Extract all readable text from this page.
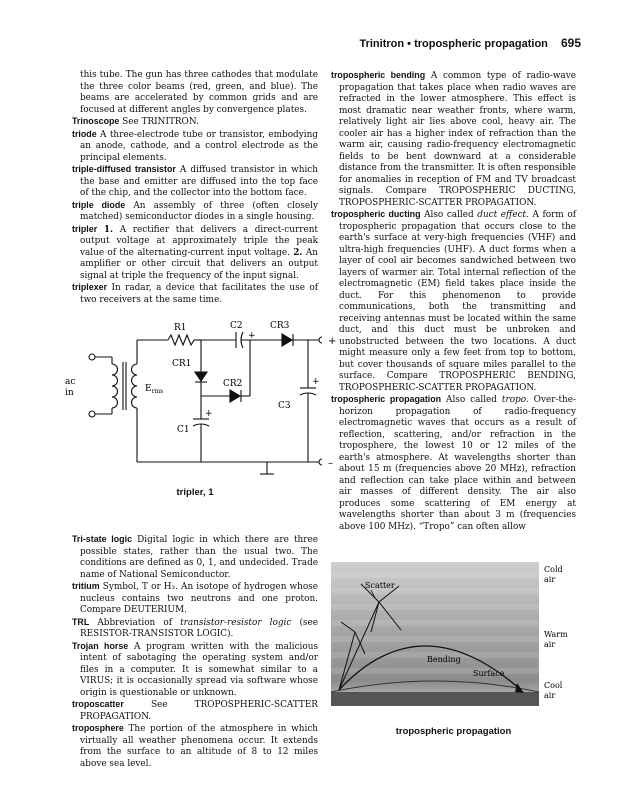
Trinitron • tropospheric propagation 695

this tube. The gun has three cathodes that modulate the three color beams (red, green, and blue). The beams are accelerated by common grids and are focused at different angles by convergence plates.

Trinoscope See TRINITRON.

triode A three-electrode tube or transistor, embodying an anode, cathode, and a control electrode as the principal elements.

triple-diffused transistor A diffused transistor in which the base and emitter are diffused into the top face of the chip, and the collector into the bottom face.

triple diode An assembly of three (often closely matched) semiconductor diodes in a single housing.

tripler 1. A rectifier that delivers a direct-current output voltage at approximately triple the peak value of the alternating-current input voltage. 2. An amplifier or other circuit that delivers an output signal at triple the frequency of the input signal.

triplexer In radar, a device that facilitates the use of two receivers at the same time.

ac
in	$E_{rms}$
R1	C2
+
CR3
CR1
CR2
C3
+
C1
+
+
–
tripler, 1

Tri-state logic Digital logic in which there are three possible states, rather than the usual two. The conditions are defined as 0, 1, and undecided. Trade name of National Semiconductor.

tritium Symbol, T or H₃. An isotope of hydrogen whose nucleus contains two neutrons and one proton. Compare DEUTERIUM.

TRL Abbreviation of transistor-resistor logic (see RESISTOR-TRANSISTOR LOGIC).

Trojan horse A program written with the malicious intent of sabotaging the operating system and/or files in a computer. It is somewhat similar to a VIRUS; it is occasionally spread via software whose origin is questionable or unknown.

troposcatter	See TROPOSPHERIC-SCATTER PROPAGATION.

troposphere The portion of the atmosphere in which virtually all weather phenomena occur. It extends from the surface to an altitude of 8 to 12 miles above sea level.

tropospheric bending A common type of radio-wave propagation that takes place when radio waves are refracted in the lower atmosphere. This effect is most dramatic near weather fronts, where warm, relatively light air lies above cool, heavy air. The cooler air has a higher index of refraction than the warm air, causing radio-frequency electromagnetic fields to be bent downward at a considerable distance from the transmitter. It is often responsible for anomalies in reception of FM and TV broadcast signals. Compare TROPOSPHERIC DUCTING, TROPOSPHERIC-SCATTER PROPAGATION.

tropospheric ducting Also called duct effect. A form of tropospheric propagation that occurs close to the earth's surface at very-high frequencies (VHF) and ultra-high frequencies (UHF). A duct forms when a layer of cool air becomes sandwiched between two layers of warmer air. Total internal reflection of the electromagnetic (EM) field takes place inside the duct. For this phenomenon to provide communications, both the transmitting and receiving antennas must be located within the same duct, and this duct must be unbroken and unobstructed between the two locations. A duct might measure only a few feet from top to bottom, but cover thousands of square miles parallel to the surface. Compare TROPOSPHERIC BENDING, TROPOSPHERIC-SCATTER PROPAGATION.

tropospheric propagation Also called tropo. Over-the-horizon propagation of radio-frequency electromagnetic waves that occurs as a result of reflection, scattering, and/or refraction in the troposphere, the lowest 10 or 12 miles of the earth's atmosphere. At wavelengths shorter than about 15 m (frequencies above 20 MHz), refraction and reflection can take place within and between air masses of different density. The air also produces some scattering of EM energy at wavelengths shorter than about 3 m (frequencies above 100 MHz). “Tropo” can often allow

Scatter
Bending
Surface
Cold
air
Warm
air
Cool
air
tropospheric propagation
